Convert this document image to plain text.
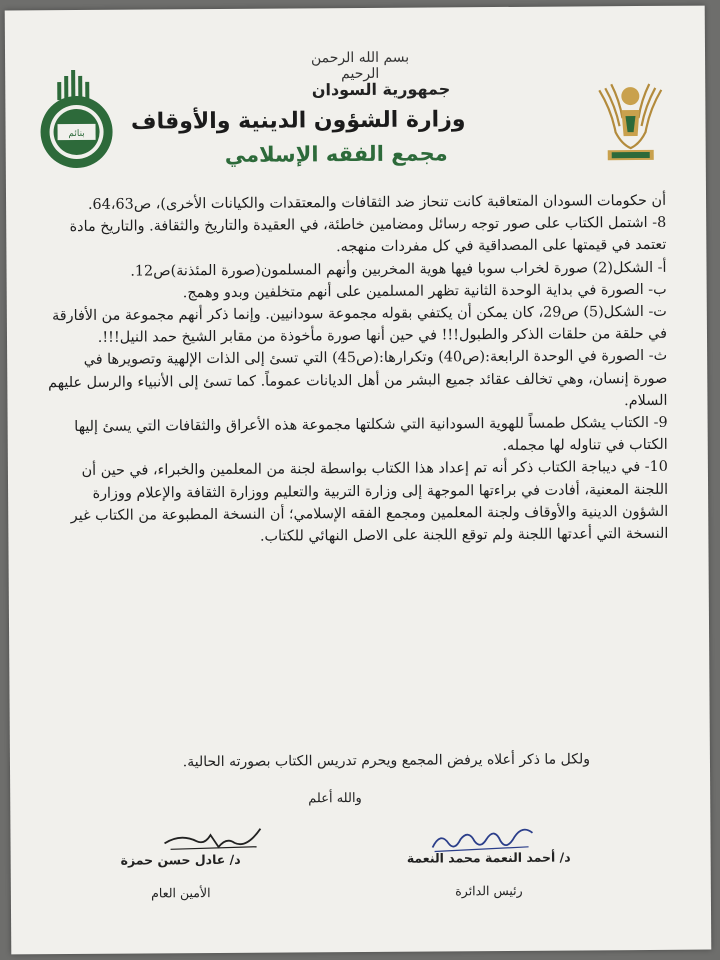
بنائم
بسم الله الرحمن الرحيم
جمهورية السودان
وزارة الشؤون الدينية والأوقاف
مجمع الفقه الإسلامي

أن حكومات السودان المتعاقبة كانت تنحاز ضد الثقافات والمعتقدات والكيانات الأخرى)، ص64،63.

8- اشتمل الكتاب على صور توجه رسائل ومضامين خاطئة، في العقيدة والتاريخ والثقافة. والتاريخ مادة تعتمد في قيمتها على المصداقية في كل مفردات منهجه.

أ- الشكل(2) صورة لخراب سوبا فيها هوية المخربين وأنهم المسلمون(صورة المئذنة)ص12.

ب- الصورة في بداية الوحدة الثانية تظهر المسلمين على أنهم متخلفين وبدو وهمج.

ت- الشكل(5) ص29، كان يمكن أن يكتفي بقوله مجموعة سودانيين. وإنما ذكر أنهم مجموعة من الأفارقة في حلقة من حلقات الذكر والطبول!!! في حين أنها صورة مأخوذة من مقابر الشيخ حمد النيل!!!.

ث- الصورة في الوحدة الرابعة:(ص40) وتكرارها:(ص45) التي تسئ إلى الذات الإلهية وتصويرها في صورة إنسان، وهي تخالف عقائد جميع البشر من أهل الديانات عموماً. كما تسئ إلى الأنبياء والرسل عليهم السلام.

9- الكتاب يشكل طمساً للهوية السودانية التي شكلتها مجموعة هذه الأعراق والثقافات التي يسئ إليها الكتاب في تناوله لها مجمله.

10- في ديباجة الكتاب ذكر أنه تم إعداد هذا الكتاب بواسطة لجنة من المعلمين والخبراء، في حين أن اللجنة المعنية، أفادت في براءتها الموجهة إلى وزارة التربية والتعليم ووزارة الثقافة والإعلام ووزارة الشؤون الدينية والأوقاف ولجنة المعلمين ومجمع الفقه الإسلامي؛ أن النسخة المطبوعة من الكتاب غير النسخة التي أعدتها اللجنة ولم توقع اللجنة على الاصل النهائي للكتاب.

ولكل ما ذكر أعلاه يرفض المجمع ويحرم تدريس الكتاب بصورته الحالية.
والله أعلم
د/ أحمد النعمة محمد النعمة
رئيس الدائرة
د/ عادل حسن حمزة
الأمين العام
